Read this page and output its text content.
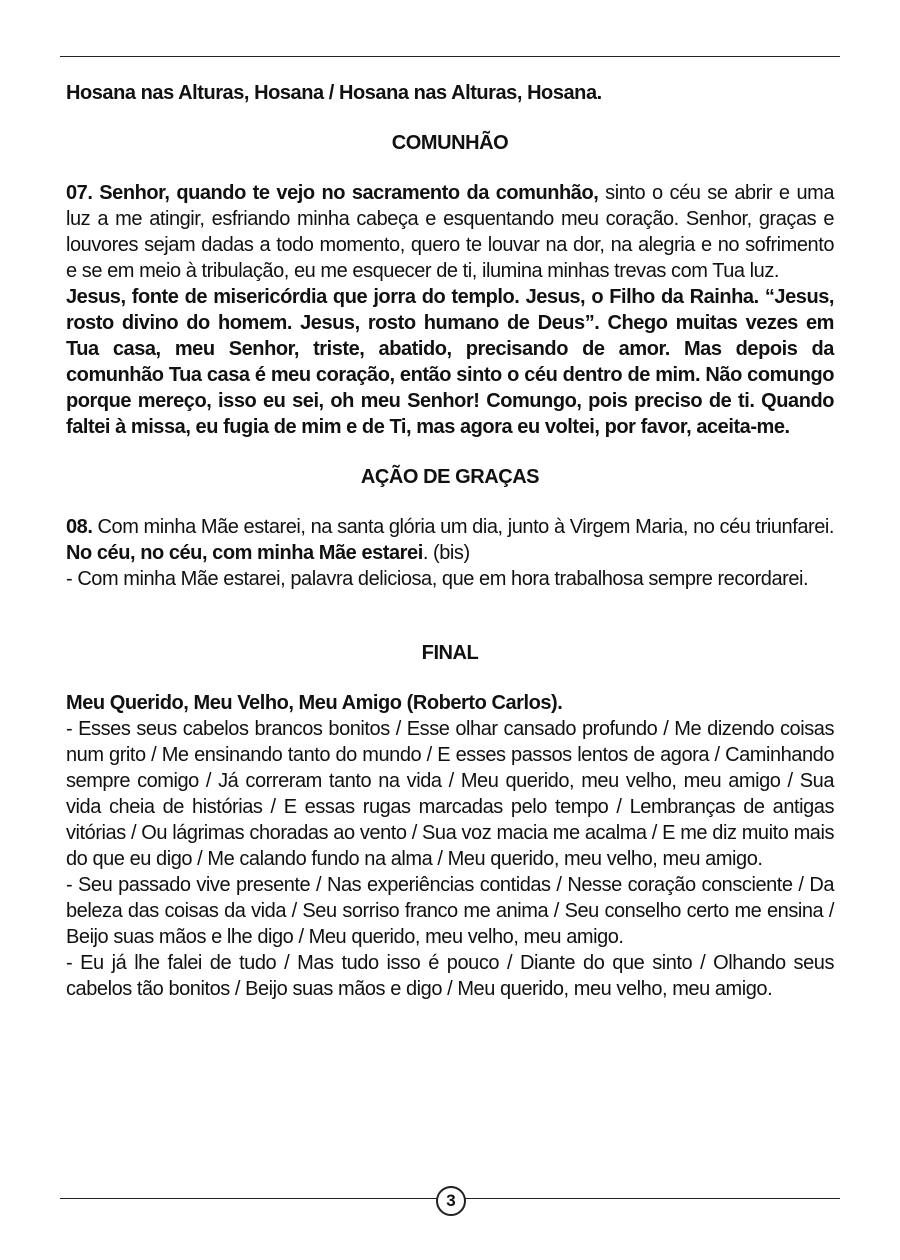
Hosana nas Alturas, Hosana / Hosana nas Alturas, Hosana.

COMUNHÃO

07. Senhor, quando te vejo no sacramento da comunhão, sinto o céu se abrir e uma luz a me atingir, esfriando minha cabeça e esquentando meu coração. Senhor, graças e louvores sejam dadas a todo momento, quero te louvar na dor, na alegria e no sofrimento e se em meio à tribulação, eu me esquecer de ti, ilumina minhas trevas com Tua luz.

Jesus, fonte de misericórdia que jorra do templo. Jesus, o Filho da Rainha. “Jesus, rosto divino do homem. Jesus, rosto humano de Deus”. Chego muitas vezes em Tua casa, meu Senhor, triste, abatido, precisando de amor. Mas depois da comunhão Tua casa é meu coração, então sinto o céu dentro de mim. Não comungo porque mereço, isso eu sei, oh meu Senhor! Comungo, pois preciso de ti. Quando faltei à missa, eu fugia de mim e de Ti, mas agora eu voltei, por favor, aceita-me.

AÇÃO DE GRAÇAS

08. Com minha Mãe estarei, na santa glória um dia, junto à Virgem Maria, no céu triunfarei.

No céu, no céu, com minha Mãe estarei. (bis)

- Com minha Mãe estarei, palavra deliciosa, que em hora trabalhosa sempre recordarei.

FINAL

Meu Querido, Meu Velho, Meu Amigo (Roberto Carlos).

- Esses seus cabelos brancos bonitos / Esse olhar cansado profundo / Me dizendo coisas num grito / Me ensinando tanto do mundo / E esses passos lentos de agora / Caminhando sempre comigo / Já correram tanto na vida / Meu querido, meu velho, meu amigo / Sua vida cheia de histórias / E essas rugas marcadas pelo tempo / Lembranças de antigas vitórias / Ou lágrimas choradas ao vento / Sua voz macia me acalma / E me diz muito mais do que eu digo / Me calando fundo na alma / Meu querido, meu velho, meu amigo.

- Seu passado vive presente / Nas experiências contidas / Nesse coração consciente / Da beleza das coisas da vida / Seu sorriso franco me anima / Seu conselho certo me ensina / Beijo suas mãos e lhe digo / Meu querido, meu velho, meu amigo.

- Eu já lhe falei de tudo / Mas tudo isso é pouco / Diante do que sinto / Olhando seus cabelos tão bonitos / Beijo suas mãos e digo / Meu querido, meu velho, meu amigo.

3
